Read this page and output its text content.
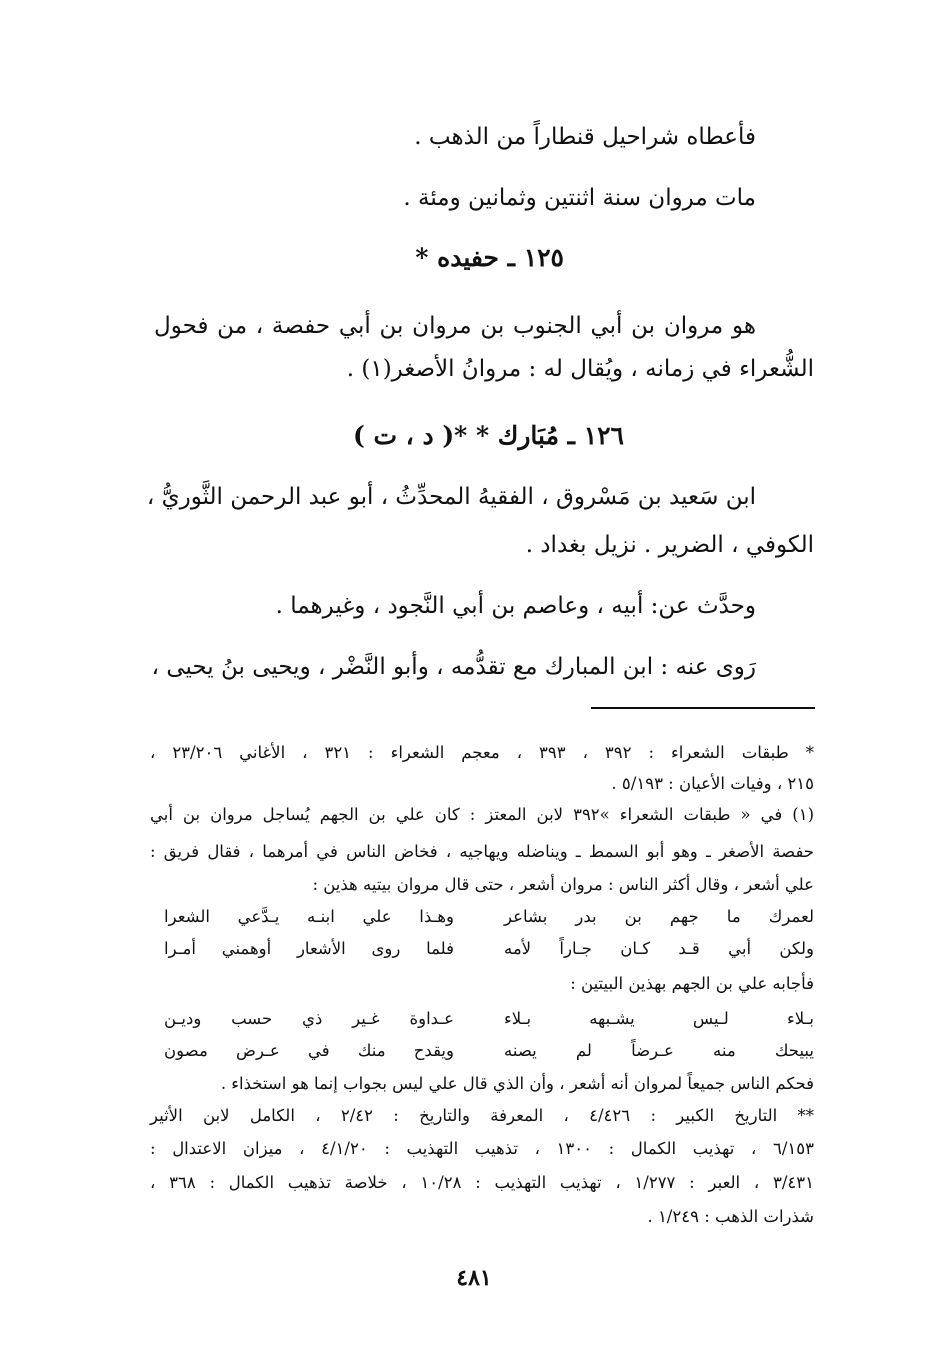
فأعطاه شراحيل قنطاراً من الذهب .
مات مروان سنة اثنتين وثمانين ومئة .
١٢٥ ـ حفيده *
هو مروان بن أبي الجنوب بن مروان بن أبي حفصة ، من فحول
الشُّعراء في زمانه ، ويُقال له : مروانُ الأصغر(١) .
١٢٦ ـ مُبَارك * *( د ، ت )
ابن سَعيد بن مَسْروق ، الفقيهُ المحدِّثُ ، أبو عبد الرحمن الثَّوريُّ ،
الكوفي ، الضرير . نزيل بغداد .
وحدَّث عن: أبيه ، وعاصم بن أبي النَّجود ، وغيرهما .
رَوى عنه : ابن المبارك مع تقدُّمه ، وأبو النَّضْر ، ويحيى بنُ يحيى ،
* طبقات الشعراء : ٣٩٢ ، ٣٩٣ ، معجم الشعراء : ٣٢١ ، الأغاني ٢٣/٢٠٦ ،
٢١٥ ، وفيات الأعيان : ٥/١٩٣ .
(١) في « طبقات الشعراء »٣٩٢ لابن المعتز : كان علي بن الجهم يُساجل مروان بن أبي
حفصة الأصغر ـ وهو أبو السمط ـ ويناضله ويهاجيه ، فخاض الناس في أمرهما ، فقال فريق :
علي أشعر ، وقال أكثر الناس : مروان أشعر ، حتى قال مروان بيتيه هذين :
لعمرك ما جهم بن بدر بشاعر
وهـذا علي ابنـه يـدَّعي الشعرا
ولكن أبي قـد كـان جـاراً لأمه
فلما روى الأشعار أوهمني أمـرا
فأجابه علي بن الجهم بهذين البيتين :
بـلاء لـيس يشـبهه بـلاء
عـداوة غـير ذي حسب وديـن
يبيحك منه عـرضاً لم يصنه
ويقدح منك في عـرض مصون
فحكم الناس جميعاً لمروان أنه أشعر ، وأن الذي قال علي ليس بجواب إنما هو استخذاء .
** التاريخ الكبير : ٤/٤٢٦ ، المعرفة والتاريخ : ٢/٤٢ ، الكامل لابن الأثير
٦/١٥٣ ، تهذيب الكمال : ١٣٠٠ ، تذهيب التهذيب : ٤/١/٢٠ ، ميزان الاعتدال :
٣/٤٣١ ، العبر : ١/٢٧٧ ، تهذيب التهذيب : ١٠/٢٨ ، خلاصة تذهيب الكمال : ٣٦٨ ،
شذرات الذهب : ١/٢٤٩ .
٤٨١
